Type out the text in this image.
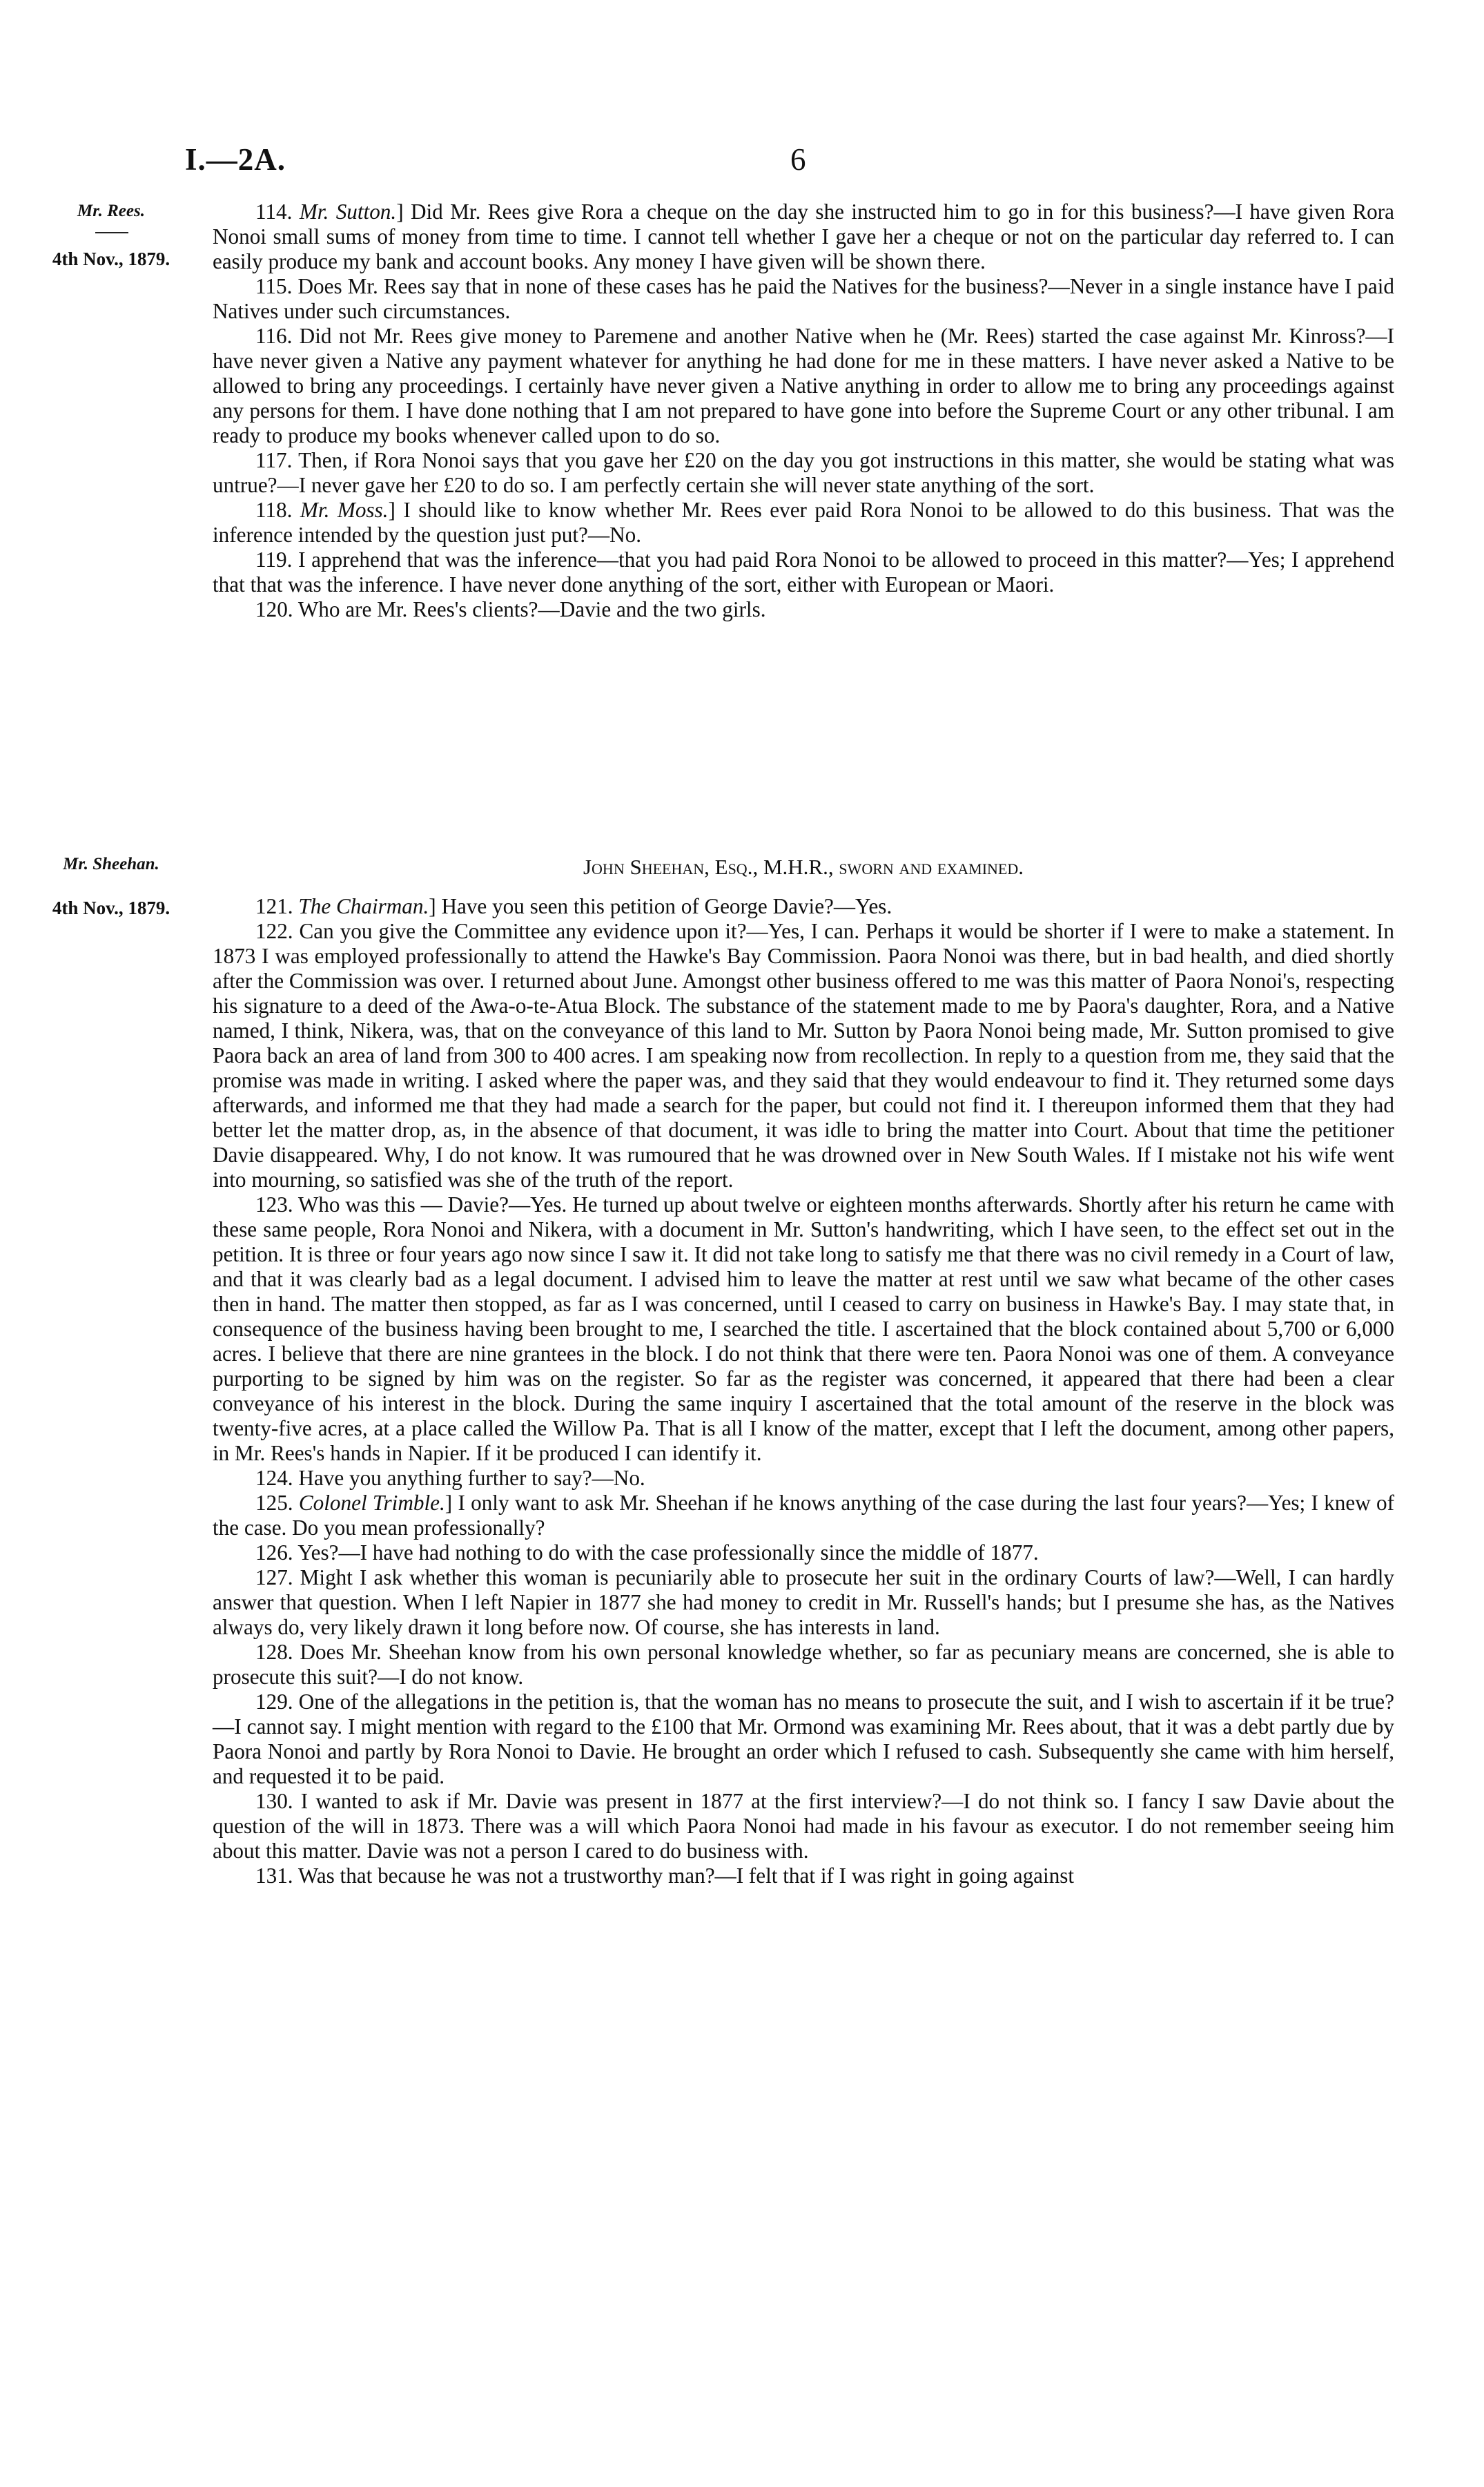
I.—2A.	6
Mr. Rees.
4th Nov., 1879.
Mr. Sheehan.
4th Nov., 1879.

114. Mr. Sutton.] Did Mr. Rees give Rora a cheque on the day she instructed him to go in for this business?—I have given Rora Nonoi small sums of money from time to time. I cannot tell whether I gave her a cheque or not on the particular day referred to. I can easily produce my bank and account books. Any money I have given will be shown there.

115. Does Mr. Rees say that in none of these cases has he paid the Natives for the business?—Never in a single instance have I paid Natives under such circumstances.

116. Did not Mr. Rees give money to Paremene and another Native when he (Mr. Rees) started the case against Mr. Kinross?—I have never given a Native any payment whatever for anything he had done for me in these matters. I have never asked a Native to be allowed to bring any proceedings. I certainly have never given a Native anything in order to allow me to bring any proceedings against any persons for them. I have done nothing that I am not prepared to have gone into before the Supreme Court or any other tribunal. I am ready to produce my books whenever called upon to do so.

117. Then, if Rora Nonoi says that you gave her £20 on the day you got instructions in this matter, she would be stating what was untrue?—I never gave her £20 to do so. I am perfectly certain she will never state anything of the sort.

118. Mr. Moss.] I should like to know whether Mr. Rees ever paid Rora Nonoi to be allowed to do this business. That was the inference intended by the question just put?—No.

119. I apprehend that was the inference—that you had paid Rora Nonoi to be allowed to proceed in this matter?—Yes; I apprehend that that was the inference. I have never done anything of the sort, either with European or Maori.

120. Who are Mr. Rees's clients?—Davie and the two girls.

John Sheehan, Esq., M.H.R., sworn and examined.

121. The Chairman.] Have you seen this petition of George Davie?—Yes.

122. Can you give the Committee any evidence upon it?—Yes, I can. Perhaps it would be shorter if I were to make a statement. In 1873 I was employed professionally to attend the Hawke's Bay Commission. Paora Nonoi was there, but in bad health, and died shortly after the Commission was over. I returned about June. Amongst other business offered to me was this matter of Paora Nonoi's, respecting his signature to a deed of the Awa-o-te-Atua Block. The substance of the statement made to me by Paora's daughter, Rora, and a Native named, I think, Nikera, was, that on the conveyance of this land to Mr. Sutton by Paora Nonoi being made, Mr. Sutton promised to give Paora back an area of land from 300 to 400 acres. I am speaking now from recollection. In reply to a question from me, they said that the promise was made in writing. I asked where the paper was, and they said that they would endeavour to find it. They returned some days afterwards, and informed me that they had made a search for the paper, but could not find it. I thereupon informed them that they had better let the matter drop, as, in the absence of that document, it was idle to bring the matter into Court. About that time the petitioner Davie disappeared. Why, I do not know. It was rumoured that he was drowned over in New South Wales. If I mistake not his wife went into mourning, so satisfied was she of the truth of the report.

123. Who was this — Davie?—Yes. He turned up about twelve or eighteen months afterwards. Shortly after his return he came with these same people, Rora Nonoi and Nikera, with a document in Mr. Sutton's handwriting, which I have seen, to the effect set out in the petition. It is three or four years ago now since I saw it. It did not take long to satisfy me that there was no civil remedy in a Court of law, and that it was clearly bad as a legal document. I advised him to leave the matter at rest until we saw what became of the other cases then in hand. The matter then stopped, as far as I was concerned, until I ceased to carry on business in Hawke's Bay. I may state that, in consequence of the business having been brought to me, I searched the title. I ascertained that the block contained about 5,700 or 6,000 acres. I believe that there are nine grantees in the block. I do not think that there were ten. Paora Nonoi was one of them. A conveyance purporting to be signed by him was on the register. So far as the register was concerned, it appeared that there had been a clear conveyance of his interest in the block. During the same inquiry I ascertained that the total amount of the reserve in the block was twenty-five acres, at a place called the Willow Pa. That is all I know of the matter, except that I left the document, among other papers, in Mr. Rees's hands in Napier. If it be produced I can identify it.

124. Have you anything further to say?—No.

125. Colonel Trimble.] I only want to ask Mr. Sheehan if he knows anything of the case during the last four years?—Yes; I knew of the case. Do you mean professionally?

126. Yes?—I have had nothing to do with the case professionally since the middle of 1877.

127. Might I ask whether this woman is pecuniarily able to prosecute her suit in the ordinary Courts of law?—Well, I can hardly answer that question. When I left Napier in 1877 she had money to credit in Mr. Russell's hands; but I presume she has, as the Natives always do, very likely drawn it long before now. Of course, she has interests in land.

128. Does Mr. Sheehan know from his own personal knowledge whether, so far as pecuniary means are concerned, she is able to prosecute this suit?—I do not know.

129. One of the allegations in the petition is, that the woman has no means to prosecute the suit, and I wish to ascertain if it be true?—I cannot say. I might mention with regard to the £100 that Mr. Ormond was examining Mr. Rees about, that it was a debt partly due by Paora Nonoi and partly by Rora Nonoi to Davie. He brought an order which I refused to cash. Subsequently she came with him herself, and requested it to be paid.

130. I wanted to ask if Mr. Davie was present in 1877 at the first interview?—I do not think so. I fancy I saw Davie about the question of the will in 1873. There was a will which Paora Nonoi had made in his favour as executor. I do not remember seeing him about this matter. Davie was not a person I cared to do business with.

131. Was that because he was not a trustworthy man?—I felt that if I was right in going against
